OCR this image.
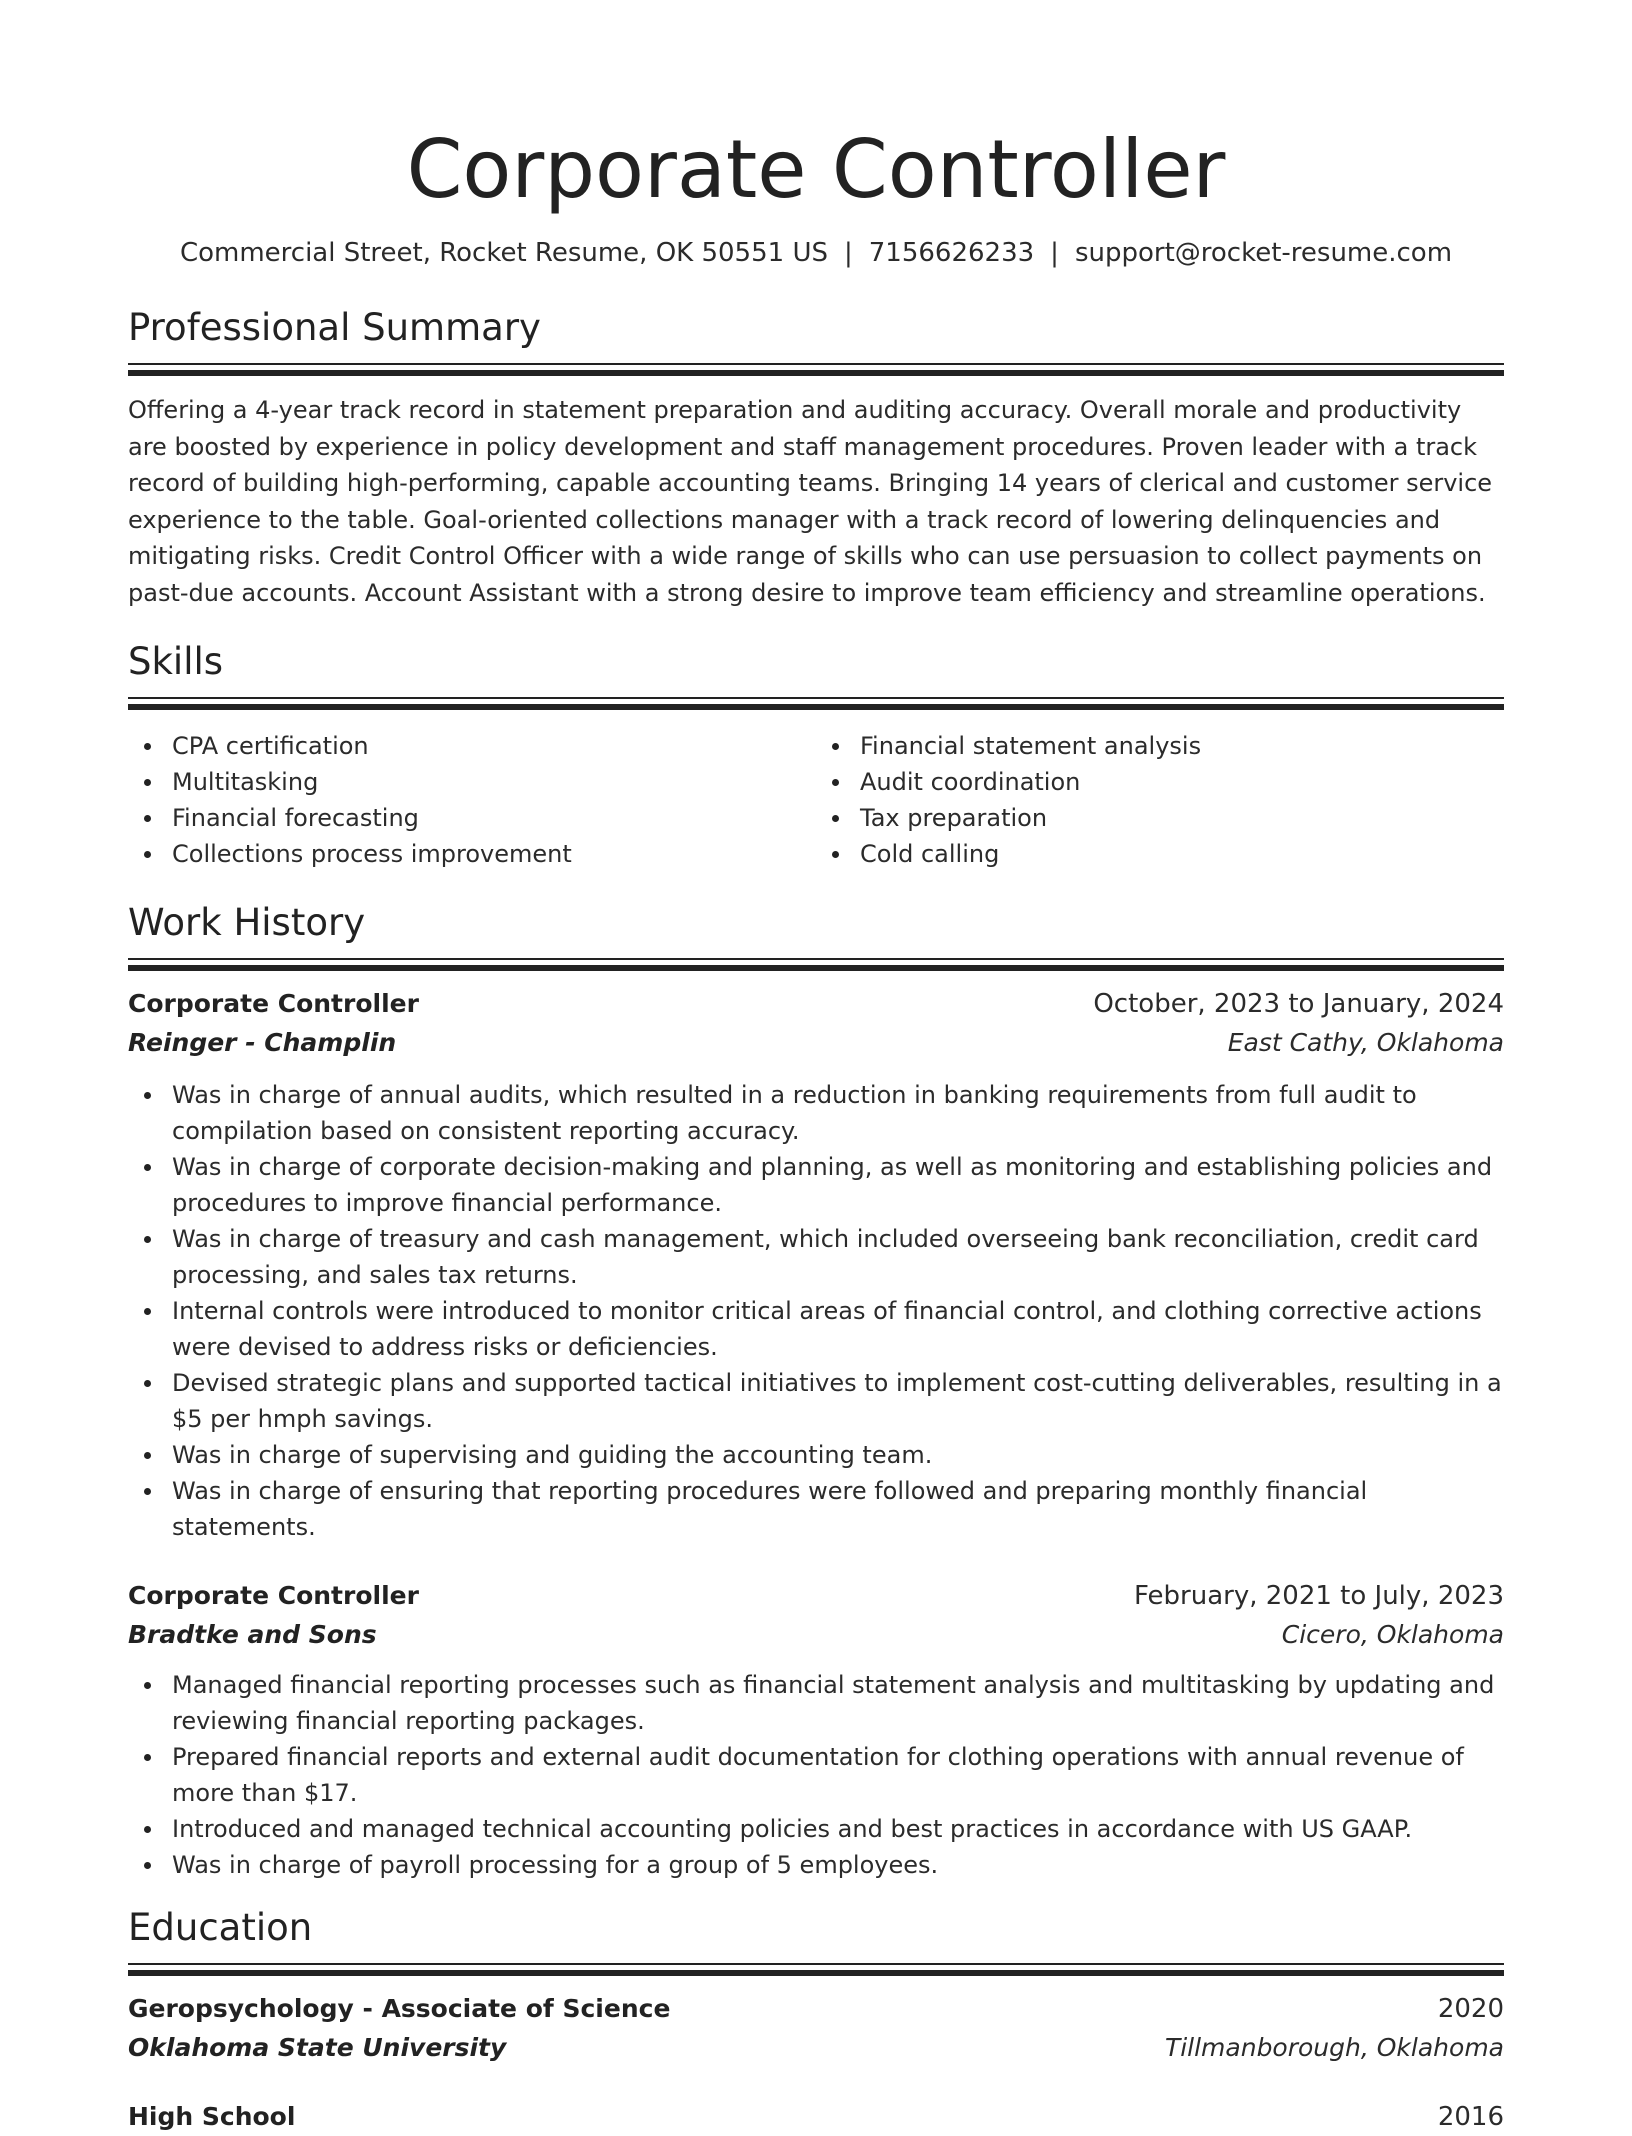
Corporate Controller
Commercial Street, Rocket Resume, OK 50551 US | 7156626233 | support@rocket-resume.com
Professional Summary

Offering a 4-year track record in statement preparation and auditing accuracy. Overall morale and productivity are boosted by experience in policy development and staff management procedures. Proven leader with a track record of building high-performing, capable accounting teams. Bringing 14 years of clerical and customer service experience to the table. Goal-oriented collections manager with a track record of lowering delinquencies and mitigating risks. Credit Control Officer with a wide range of skills who can use persuasion to collect payments on past-due accounts. Account Assistant with a strong desire to improve team efficiency and streamline operations.

Skills
CPA certification
Multitasking
Financial forecasting
Collections process improvement
Financial statement analysis
Audit coordination
Tax preparation
Cold calling
Work History
Corporate Controller	October, 2023 to January, 2024
Reinger - Champlin	East Cathy, Oklahoma
Was in charge of annual audits, which resulted in a reduction in banking requirements from full audit to compilation based on consistent reporting accuracy.
Was in charge of corporate decision-making and planning, as well as monitoring and establishing policies and procedures to improve financial performance.
Was in charge of treasury and cash management, which included overseeing bank reconciliation, credit card processing, and sales tax returns.
Internal controls were introduced to monitor critical areas of financial control, and clothing corrective actions were devised to address risks or deficiencies.
Devised strategic plans and supported tactical initiatives to implement cost-cutting deliverables, resulting in a $5 per hmph savings.
Was in charge of supervising and guiding the accounting team.
Was in charge of ensuring that reporting procedures were followed and preparing monthly financial statements.
Corporate Controller	February, 2021 to July, 2023
Bradtke and Sons	Cicero, Oklahoma
Managed financial reporting processes such as financial statement analysis and multitasking by updating and reviewing financial reporting packages.
Prepared financial reports and external audit documentation for clothing operations with annual revenue of more than $17.
Introduced and managed technical accounting policies and best practices in accordance with US GAAP.
Was in charge of payroll processing for a group of 5 employees.
Education
Geropsychology - Associate of Science	2020
Oklahoma State University	Tillmanborough, Oklahoma
High School	2016
